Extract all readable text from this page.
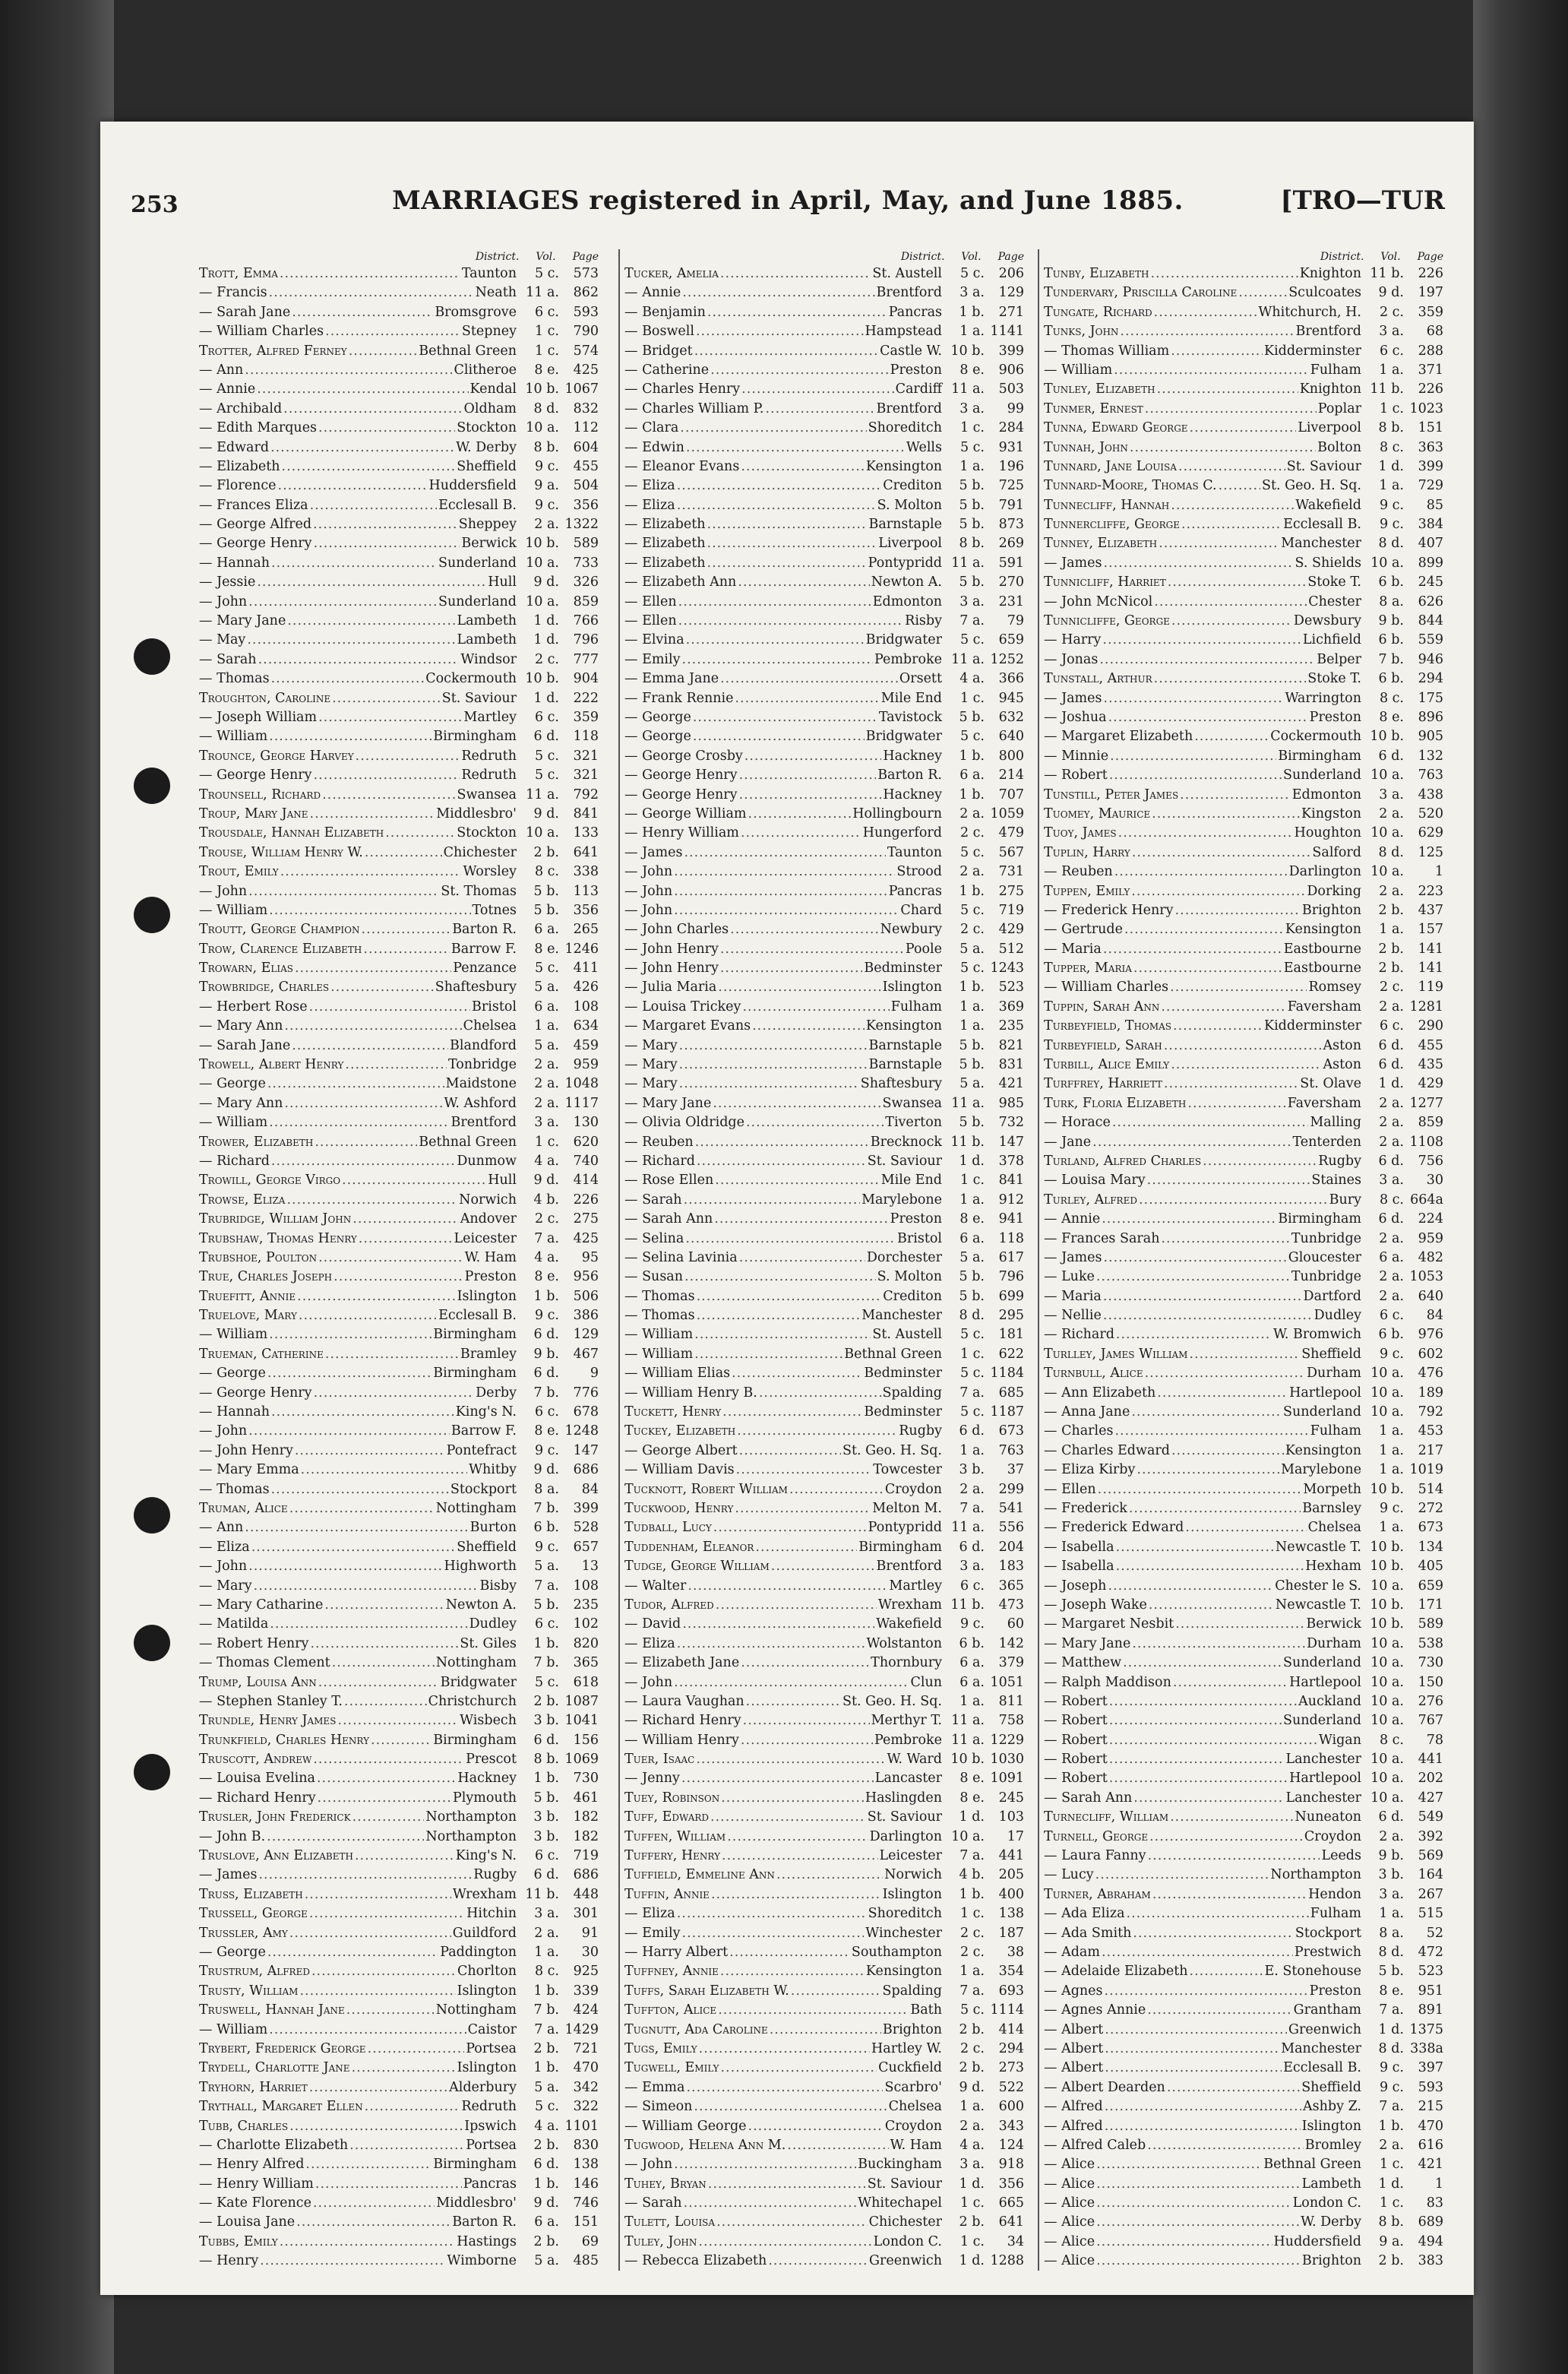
253	MARRIAGES registered in April, May, and June 1885.	[TRO—TUR
District. Vol. Page
Trott, Emma .....	Taunton	5 c.	573
— Francis .....	Neath 11 a.	862
— Sarah Jane .....	Bromsgrove	6 c.	593
— William Charles .....	Stepney	1 c.	790
Trotter, Alfred Ferney .....	Bethnal Green	1 c.	574
— Ann .....	Clitheroe	8 e.	425
— Annie .....	Kendal 10 b. 1067
— Archibald .....	Oldham	8 d.	832
— Edith Marques .....	Stockton 10 a.	112
— Edward .....	W. Derby	8 b.	604
— Elizabeth .....	Sheffield	9 c.	455
— Florence .....	Huddersfield	9 a.	504
— Frances Eliza .....	Ecclesall B.	9 c.	356
— George Alfred .....	Sheppey	2 a. 1322
— George Henry .....	Berwick 10 b.	589
— Hannah .....	Sunderland 10 a.	733
— Jessie .....	Hull	9 d.	326
— John .....	Sunderland 10 a.	859
— Mary Jane .....	Lambeth	1 d.	766
— May .....	Lambeth	1 d.	796
— Sarah .....	Windsor	2 c.	777
— Thomas .....	Cockermouth 10 b.	904
Troughton, Caroline .....	St. Saviour	1 d.	222
— Joseph William .....	Martley	6 c.	359
— William .....	Birmingham	6 d.	118
Trounce, George Harvey .....	Redruth	5 c.	321
— George Henry .....	Redruth	5 c.	321
Trounsell, Richard .....	Swansea 11 a.	792
Troup, Mary Jane .....	Middlesbro'	9 d.	841
Trousdale, Hannah Elizabeth .....	Stockton 10 a.	133
Trouse, William Henry W. .....	Chichester	2 b.	641
Trout, Emily .....	Worsley	8 c.	338
— John .....	St. Thomas	5 b.	113
— William .....	Totnes	5 b.	356
Troutt, George Champion .....	Barton R.	6 a.	265
Trow, Clarence Elizabeth .....	Barrow F.	8 e. 1246
Trowarn, Elias .....	Penzance	5 c.	411
Trowbridge, Charles .....	Shaftesbury	5 a.	426
— Herbert Rose .....	Bristol	6 a.	108
— Mary Ann .....	Chelsea	1 a.	634
— Sarah Jane .....	Blandford	5 a.	459
Trowell, Albert Henry .....	Tonbridge	2 a.	959
— George .....	Maidstone	2 a. 1048
— Mary Ann .....	W. Ashford	2 a. 1117
— William .....	Brentford	3 a.	130
Trower, Elizabeth .....	Bethnal Green	1 c.	620
— Richard .....	Dunmow	4 a.	740
Trowill, George Virgo .....	Hull	9 d.	414
Trowse, Eliza .....	Norwich	4 b.	226
Trubridge, William John .....	Andover	2 c.	275
Trubshaw, Thomas Henry .....	Leicester	7 a.	425
Trubshoe, Poulton .....	W. Ham	4 a.	95
True, Charles Joseph .....	Preston	8 e.	956
Truefitt, Annie .....	Islington	1 b.	506
Truelove, Mary .....	Ecclesall B.	9 c.	386
— William .....	Birmingham	6 d.	129
Trueman, Catherine .....	Bramley	9 b.	467
— George .....	Birmingham	6 d.	9
— George Henry .....	Derby	7 b.	776
— Hannah .....	King's N.	6 c.	678
— John .....	Barrow F.	8 e. 1248
— John Henry .....	Pontefract	9 c.	147
— Mary Emma .....	Whitby	9 d.	686
— Thomas .....	Stockport	8 a.	84
Truman, Alice .....	Nottingham	7 b.	399
— Ann .....	Burton	6 b.	528
— Eliza .....	Sheffield	9 c.	657
— John .....	Highworth	5 a.	13
— Mary .....	Bisby	7 a.	108
— Mary Catharine .....	Newton A.	5 b.	235
— Matilda .....	Dudley	6 c.	102
— Robert Henry .....	St. Giles	1 b.	820
— Thomas Clement .....	Nottingham	7 b.	365
Trump, Louisa Ann .....	Bridgwater	5 c.	618
— Stephen Stanley T. .....	Christchurch	2 b. 1087
Trundle, Henry James .....	Wisbech	3 b. 1041
Trunkfield, Charles Henry .....	Birmingham	6 d.	156
Truscott, Andrew .....	Prescot	8 b. 1069
— Louisa Evelina .....	Hackney	1 b.	730
— Richard Henry .....	Plymouth	5 b.	461
Trusler, John Frederick .....	Northampton	3 b.	182
— John B. .....	Northampton	3 b.	182
Truslove, Ann Elizabeth .....	King's N.	6 c.	719
— James .....	Rugby	6 d.	686
Truss, Elizabeth .....	Wrexham 11 b.	448
Trussell, George .....	Hitchin	3 a.	301
Trussler, Amy .....	Guildford	2 a.	91
— George .....	Paddington	1 a.	30
Trustrum, Alfred .....	Chorlton	8 c.	925
Trusty, William .....	Islington	1 b.	339
Truswell, Hannah Jane .....	Nottingham	7 b.	424
— William .....	Caistor	7 a. 1429
Trybert, Frederick George .....	Portsea	2 b.	721
Trydell, Charlotte Jane .....	Islington	1 b.	470
Tryhorn, Harriet .....	Alderbury	5 a.	342
Trythall, Margaret Ellen .....	Redruth	5 c.	322
Tubb, Charles .....	Ipswich	4 a. 1101
— Charlotte Elizabeth .....	Portsea	2 b.	830
— Henry Alfred .....	Birmingham	6 d.	138
— Henry William .....	Pancras	1 b.	146
— Kate Florence .....	Middlesbro'	9 d.	746
— Louisa Jane .....	Barton R.	6 a.	151
Tubbs, Emily .....	Hastings	2 b.	69
— Henry .....	Wimborne	5 a.	485
District. Vol. Page
Tucker, Amelia .....	St. Austell	5 c.	206
— Annie .....	Brentford	3 a.	129
— Benjamin .....	Pancras	1 b.	271
— Boswell .....	Hampstead	1 a. 1141
— Bridget .....	Castle W. 10 b.	399
— Catherine .....	Preston	8 e.	906
— Charles Henry .....	Cardiff 11 a.	503
— Charles William P. .....	Brentford	3 a.	99
— Clara .....	Shoreditch	1 c.	284
— Edwin .....	Wells	5 c.	931
— Eleanor Evans .....	Kensington	1 a.	196
— Eliza .....	Crediton	5 b.	725
— Eliza .....	S. Molton	5 b.	791
— Elizabeth .....	Barnstaple	5 b.	873
— Elizabeth .....	Liverpool	8 b.	269
— Elizabeth .....	Pontypridd 11 a.	591
— Elizabeth Ann .....	Newton A.	5 b.	270
— Ellen .....	Edmonton	3 a.	231
— Ellen .....	Risby	7 a.	79
— Elvina .....	Bridgwater	5 c.	659
— Emily .....	Pembroke 11 a. 1252
— Emma Jane .....	Orsett	4 a.	366
— Frank Rennie .....	Mile End	1 c.	945
— George .....	Tavistock	5 b.	632
— George .....	Bridgwater	5 c.	640
— George Crosby .....	Hackney	1 b.	800
— George Henry .....	Barton R.	6 a.	214
— George Henry .....	Hackney	1 b.	707
— George William .....	Hollingbourn	2 a. 1059
— Henry William .....	Hungerford	2 c.	479
— James .....	Taunton	5 c.	567
— John .....	Strood	2 a.	731
— John .....	Pancras	1 b.	275
— John .....	Chard	5 c.	719
— John Charles .....	Newbury	2 c.	429
— John Henry .....	Poole	5 a.	512
— John Henry .....	Bedminster	5 c. 1243
— Julia Maria .....	Islington	1 b.	523
— Louisa Trickey .....	Fulham	1 a.	369
— Margaret Evans .....	Kensington	1 a.	235
— Mary .....	Barnstaple	5 b.	821
— Mary .....	Barnstaple	5 b.	831
— Mary .....	Shaftesbury	5 a.	421
— Mary Jane .....	Swansea 11 a.	985
— Olivia Oldridge .....	Tiverton	5 b.	732
— Reuben .....	Brecknock 11 b.	147
— Richard .....	St. Saviour	1 d.	378
— Rose Ellen .....	Mile End	1 c.	841
— Sarah .....	Marylebone	1 a.	912
— Sarah Ann .....	Preston	8 e.	941
— Selina .....	Bristol	6 a.	118
— Selina Lavinia .....	Dorchester	5 a.	617
— Susan .....	S. Molton	5 b.	796
— Thomas .....	Crediton	5 b.	699
— Thomas .....	Manchester	8 d.	295
— William .....	St. Austell	5 c.	181
— William .....	Bethnal Green	1 c.	622
— William Elias .....	Bedminster	5 c. 1184
— William Henry B. .....	Spalding	7 a.	685
Tuckett, Henry .....	Bedminster	5 c. 1187
Tuckey, Elizabeth .....	Rugby	6 d.	673
— George Albert .....	St. Geo. H. Sq.	1 a.	763
— William Davis .....	Towcester	3 b.	37
Tucknott, Robert William .....	Croydon	2 a.	299
Tuckwood, Henry .....	Melton M.	7 a.	541
Tudball, Lucy .....	Pontypridd 11 a.	556
Tuddenham, Eleanor .....	Birmingham	6 d.	204
Tudge, George William .....	Brentford	3 a.	183
— Walter .....	Martley	6 c.	365
Tudor, Alfred .....	Wrexham 11 b.	473
— David .....	Wakefield	9 c.	60
— Eliza .....	Wolstanton	6 b.	142
— Elizabeth Jane .....	Thornbury	6 a.	379
— John .....	Clun	6 a. 1051
— Laura Vaughan .....	St. Geo. H. Sq.	1 a.	811
— Richard Henry .....	Merthyr T. 11 a.	758
— William Henry .....	Pembroke 11 a. 1229
Tuer, Isaac .....	W. Ward 10 b. 1030
— Jenny .....	Lancaster	8 e. 1091
Tuey, Robinson .....	Haslingden	8 e.	245
Tuff, Edward .....	St. Saviour	1 d.	103
Tuffen, William .....	Darlington 10 a.	17
Tuffery, Henry .....	Leicester	7 a.	441
Tuffield, Emmeline Ann .....	Norwich	4 b.	205
Tuffin, Annie .....	Islington	1 b.	400
— Eliza .....	Shoreditch	1 c.	138
— Emily .....	Winchester	2 c.	187
— Harry Albert .....	Southampton	2 c.	38
Tuffney, Annie .....	Kensington	1 a.	354
Tuffs, Sarah Elizabeth W. .....	Spalding	7 a.	693
Tuffton, Alice .....	Bath	5 c. 1114
Tugnutt, Ada Caroline .....	Brighton	2 b.	414
Tugs, Emily .....	Hartley W.	2 c.	294
Tugwell, Emily .....	Cuckfield	2 b.	273
— Emma .....	Scarbro'	9 d.	522
— Simeon .....	Chelsea	1 a.	600
— William George .....	Croydon	2 a.	343
Tugwood, Helena Ann M. .....	W. Ham	4 a.	124
— John .....	Buckingham	3 a.	918
Tuhey, Bryan .....	St. Saviour	1 d.	356
— Sarah .....	Whitechapel	1 c.	665
Tulett, Louisa .....	Chichester	2 b.	641
Tuley, John .....	London C.	1 c.	34
— Rebecca Elizabeth .....	Greenwich	1 d. 1288
District. Vol. Page
Tunby, Elizabeth .....	Knighton 11 b.	226
Tundervary, Priscilla Caroline .....	Sculcoates	9 d.	197
Tungate, Richard .....	Whitchurch, H.	2 c.	359
Tunks, John .....	Brentford	3 a.	68
— Thomas William .....	Kidderminster	6 c.	288
— William .....	Fulham	1 a.	371
Tunley, Elizabeth .....	Knighton 11 b.	226
Tunmer, Ernest .....	Poplar	1 c. 1023
Tunna, Edward George .....	Liverpool	8 b.	151
Tunnah, John .....	Bolton	8 c.	363
Tunnard, Jane Louisa .....	St. Saviour	1 d.	399
Tunnard-Moore, Thomas C. .....	St. Geo. H. Sq.	1 a.	729
Tunnecliff, Hannah .....	Wakefield	9 c.	85
Tunnercliffe, George .....	Ecclesall B.	9 c.	384
Tunney, Elizabeth .....	Manchester	8 d.	407
— James .....	S. Shields 10 a.	899
Tunnicliff, Harriet .....	Stoke T.	6 b.	245
— John McNicol .....	Chester	8 a.	626
Tunnicliffe, George .....	Dewsbury	9 b.	844
— Harry .....	Lichfield	6 b.	559
— Jonas .....	Belper	7 b.	946
Tunstall, Arthur .....	Stoke T.	6 b.	294
— James .....	Warrington	8 c.	175
— Joshua .....	Preston	8 e.	896
— Margaret Elizabeth .....	Cockermouth 10 b.	905
— Minnie .....	Birmingham	6 d.	132
— Robert .....	Sunderland 10 a.	763
Tunstill, Peter James .....	Edmonton	3 a.	438
Tuomey, Maurice .....	Kingston	2 a.	520
Tuoy, James .....	Houghton 10 a.	629
Tuplin, Harry .....	Salford	8 d.	125
— Reuben .....	Darlington 10 a.	1
Tuppen, Emily .....	Dorking	2 a.	223
— Frederick Henry .....	Brighton	2 b.	437
— Gertrude .....	Kensington	1 a.	157
— Maria .....	Eastbourne	2 b.	141
Tupper, Maria .....	Eastbourne	2 b.	141
— William Charles .....	Romsey	2 c.	119
Tuppin, Sarah Ann .....	Faversham	2 a. 1281
Turbeyfield, Thomas .....	Kidderminster	6 c.	290
Turbeyfield, Sarah .....	Aston	6 d.	455
Turbill, Alice Emily .....	Aston	6 d.	435
Turffrey, Harriett .....	St. Olave	1 d.	429
Turk, Floria Elizabeth .....	Faversham	2 a. 1277
— Horace .....	Malling	2 a.	859
— Jane .....	Tenterden	2 a. 1108
Turland, Alfred Charles .....	Rugby	6 d.	756
— Louisa Mary .....	Staines	3 a.	30
Turley, Alfred .....	Bury	8 c. 664a
— Annie .....	Birmingham	6 d.	224
— Frances Sarah .....	Tunbridge	2 a.	959
— James .....	Gloucester	6 a.	482
— Luke .....	Tunbridge	2 a. 1053
— Maria .....	Dartford	2 a.	640
— Nellie .....	Dudley	6 c.	84
— Richard .....	W. Bromwich	6 b.	976
Turlley, James William .....	Sheffield	9 c.	602
Turnbull, Alice .....	Durham 10 a.	476
— Ann Elizabeth .....	Hartlepool 10 a.	189
— Anna Jane .....	Sunderland 10 a.	792
— Charles .....	Fulham	1 a.	453
— Charles Edward .....	Kensington	1 a.	217
— Eliza Kirby .....	Marylebone	1 a. 1019
— Ellen .....	Morpeth 10 b.	514
— Frederick .....	Barnsley	9 c.	272
— Frederick Edward .....	Chelsea	1 a.	673
— Isabella .....	Newcastle T. 10 b.	134
— Isabella .....	Hexham 10 b.	405
— Joseph .....	Chester le S. 10 a.	659
— Joseph Wake .....	Newcastle T. 10 b.	171
— Margaret Nesbit .....	Berwick 10 b.	589
— Mary Jane .....	Durham 10 a.	538
— Matthew .....	Sunderland 10 a.	730
— Ralph Maddison .....	Hartlepool 10 a.	150
— Robert .....	Auckland 10 a.	276
— Robert .....	Sunderland 10 a.	767
— Robert .....	Wigan	8 c.	78
— Robert .....	Lanchester 10 a.	441
— Robert .....	Hartlepool 10 a.	202
— Sarah Ann .....	Lanchester 10 a.	427
Turnecliff, William .....	Nuneaton	6 d.	549
Turnell, George .....	Croydon	2 a.	392
— Laura Fanny .....	Leeds	9 b.	569
— Lucy .....	Northampton	3 b.	164
Turner, Abraham .....	Hendon	3 a.	267
— Ada Eliza .....	Fulham	1 a.	515
— Ada Smith .....	Stockport	8 a.	52
— Adam .....	Prestwich	8 d.	472
— Adelaide Elizabeth .....	E. Stonehouse	5 b.	523
— Agnes .....	Preston	8 e.	951
— Agnes Annie .....	Grantham	7 a.	891
— Albert .....	Greenwich	1 d. 1375
— Albert .....	Manchester	8 d. 338a
— Albert .....	Ecclesall B.	9 c.	397
— Albert Dearden .....	Sheffield	9 c.	593
— Alfred .....	Ashby Z.	7 a.	215
— Alfred .....	Islington	1 b.	470
— Alfred Caleb .....	Bromley	2 a.	616
— Alice .....	Bethnal Green	1 c.	421
— Alice .....	Lambeth	1 d.	1
— Alice .....	London C.	1 c.	83
— Alice .....	W. Derby	8 b.	689
— Alice .....	Huddersfield	9 a.	494
— Alice .....	Brighton	2 b.	383
